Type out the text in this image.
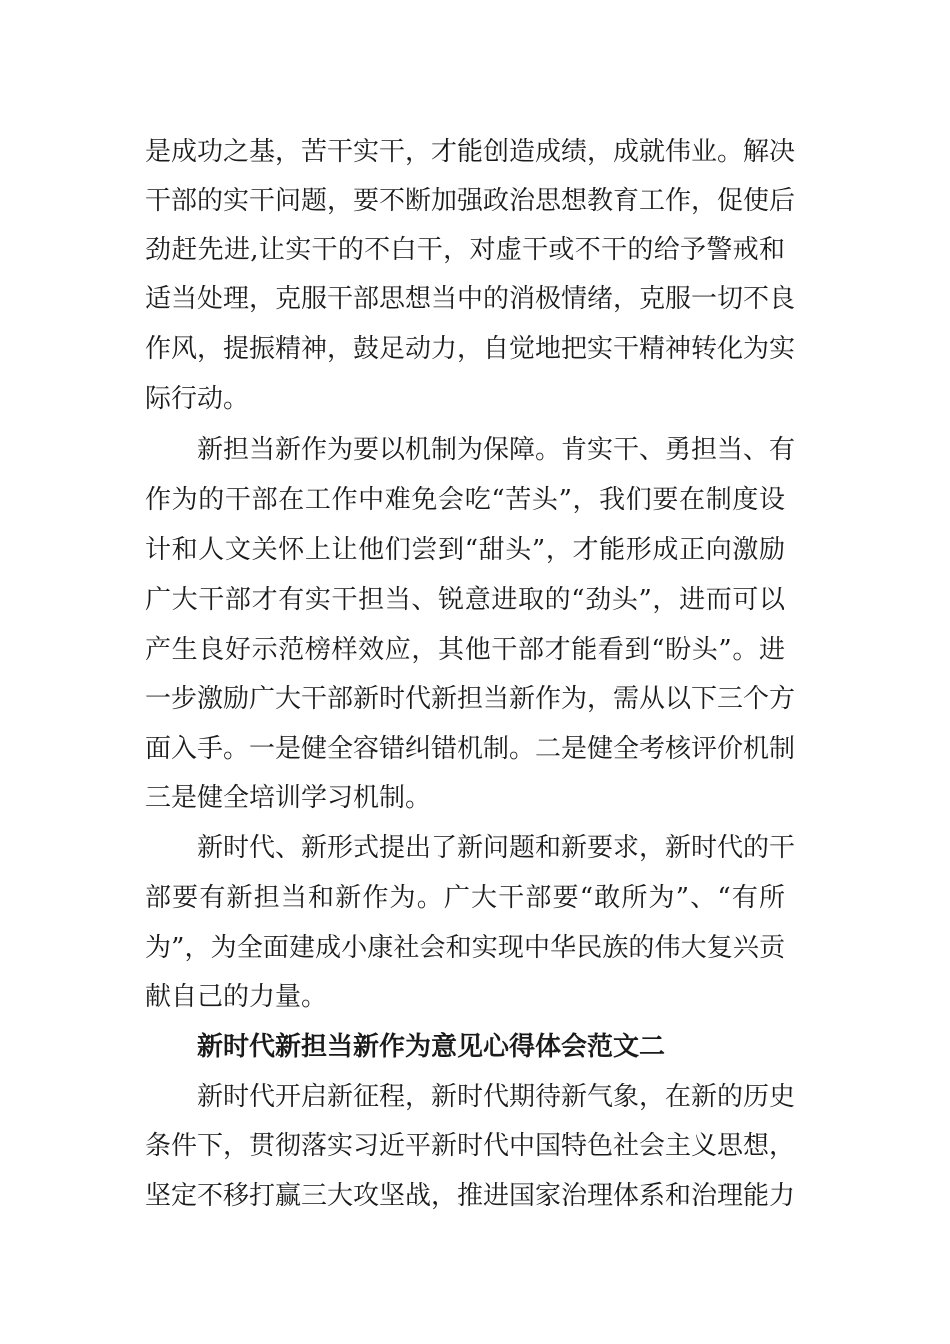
是成功之基，苦干实干，才能创造成绩，成就伟业。解决
干部的实干问题，要不断加强政治思想教育工作，促使后
劲赶先进,让实干的不白干，对虚干或不干的给予警戒和
适当处理，克服干部思想当中的消极情绪，克服一切不良
作风，提振精神，鼓足动力，自觉地把实干精神转化为实
际行动。
新担当新作为要以机制为保障。肯实干、勇担当、有
作为的干部在工作中难免会吃“苦头”，我们要在制度设
计和人文关怀上让他们尝到“甜头”，才能形成正向激励
广大干部才有实干担当、锐意进取的“劲头”，进而可以
产生良好示范榜样效应，其他干部才能看到“盼头”。进
一步激励广大干部新时代新担当新作为，需从以下三个方
面入手。一是健全容错纠错机制。二是健全考核评价机制
三是健全培训学习机制。
新时代、新形式提出了新问题和新要求，新时代的干
部要有新担当和新作为。广大干部要“敢所为”、“有所
为”，为全面建成小康社会和实现中华民族的伟大复兴贡
献自己的力量。
新时代新担当新作为意见心得体会范文二
新时代开启新征程，新时代期待新气象，在新的历史
条件下，贯彻落实习近平新时代中国特色社会主义思想，
坚定不移打赢三大攻坚战，推进国家治理体系和治理能力
